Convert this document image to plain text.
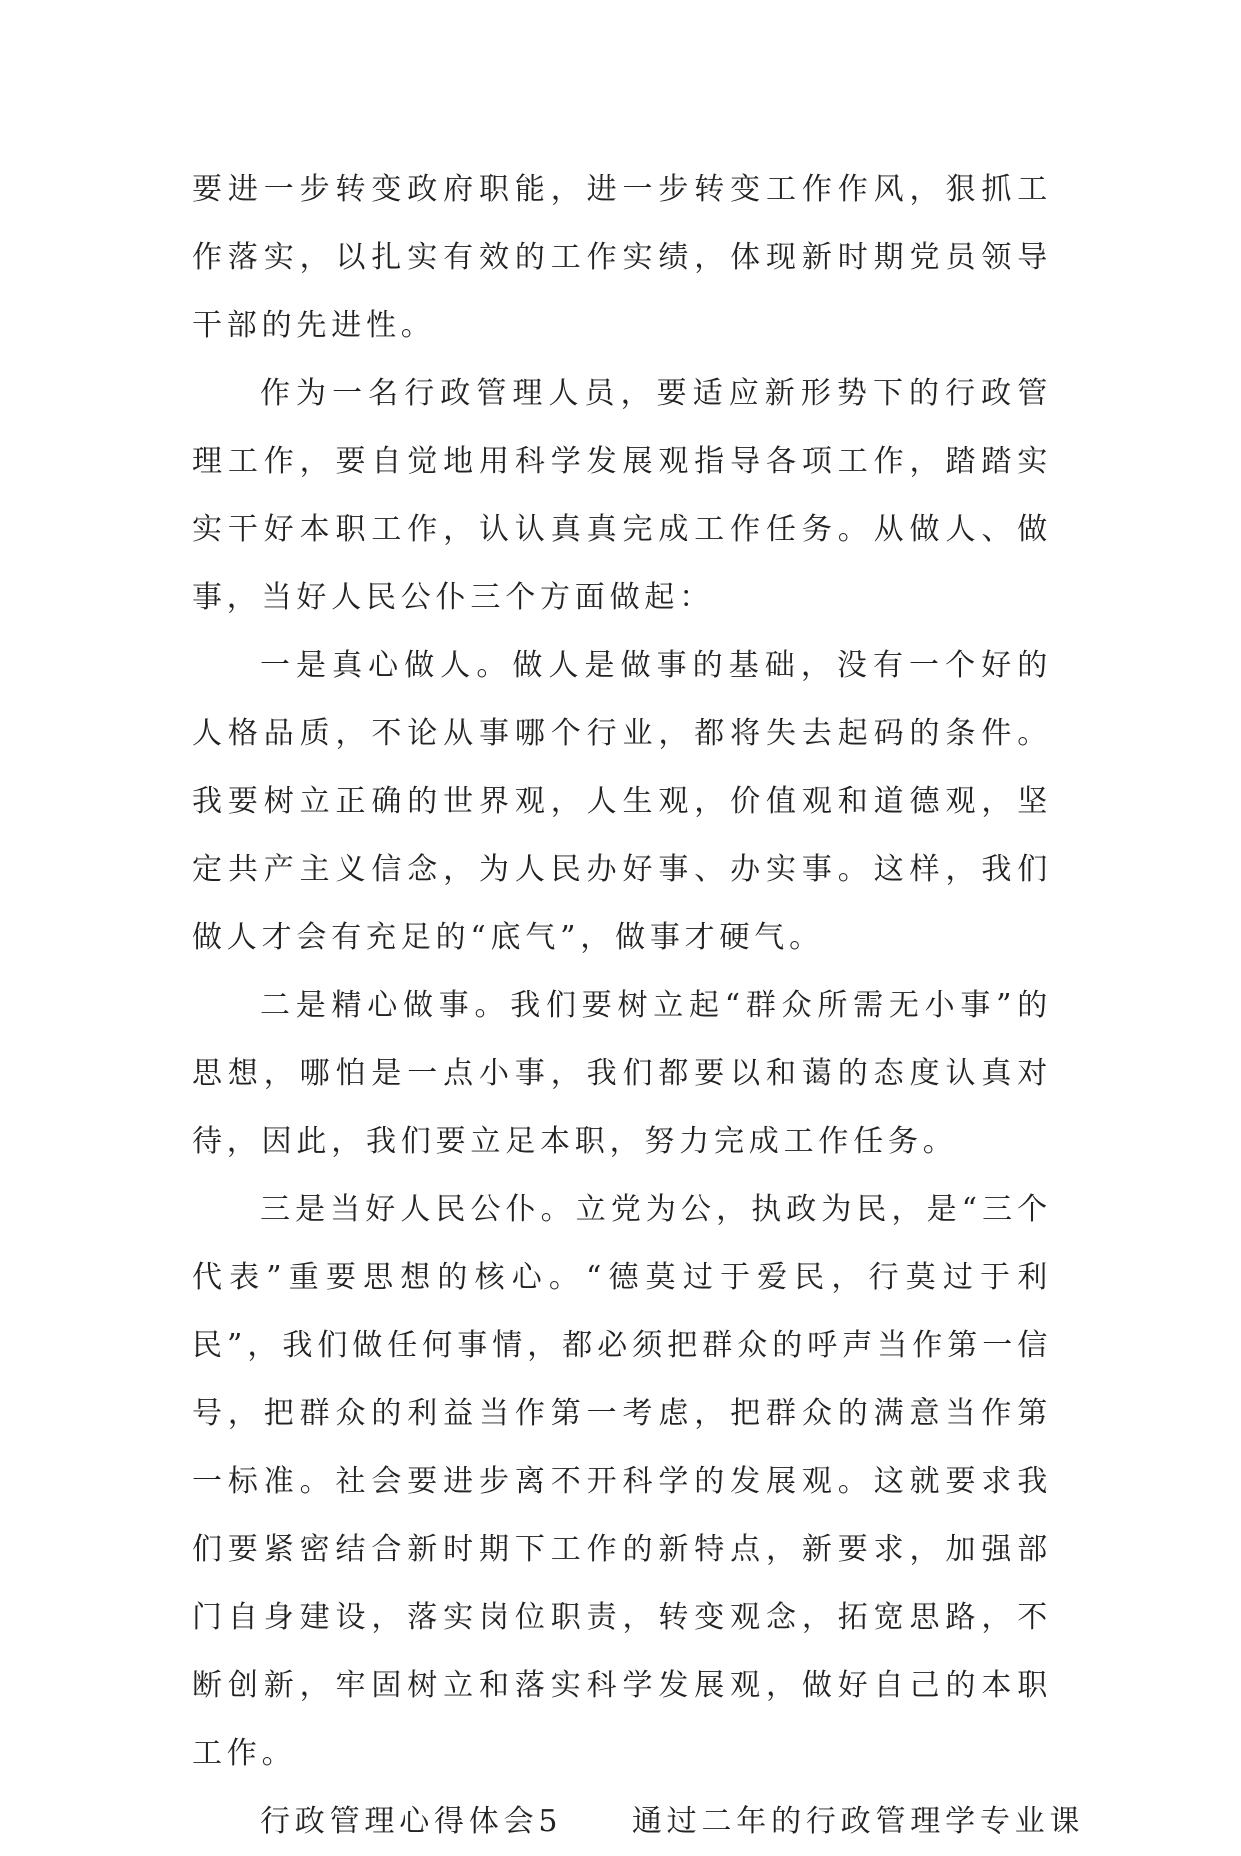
要进一步转变政府职能，进一步转变工作作风，狠抓工作落实，以扎实有效的工作实绩，体现新时期党员领导干部的先进性。

作为一名行政管理人员，要适应新形势下的行政管理工作，要自觉地用科学发展观指导各项工作，踏踏实实干好本职工作，认认真真完成工作任务。从做人、做事，当好人民公仆三个方面做起：

一是真心做人。做人是做事的基础，没有一个好的人格品质，不论从事哪个行业，都将失去起码的条件。我要树立正确的世界观，人生观，价值观和道德观，坚定共产主义信念，为人民办好事、办实事。这样，我们做人才会有充足的“底气”，做事才硬气。

二是精心做事。我们要树立起“群众所需无小事”的思想，哪怕是一点小事，我们都要以和蔼的态度认真对待，因此，我们要立足本职，努力完成工作任务。

三是当好人民公仆。立党为公，执政为民，是“三个代表”重要思想的核心。“德莫过于爱民，行莫过于利民”，我们做任何事情，都必须把群众的呼声当作第一信号，把群众的利益当作第一考虑，把群众的满意当作第一标准。社会要进步离不开科学的发展观。这就要求我们要紧密结合新时期下工作的新特点，新要求，加强部门自身建设，落实岗位职责，转变观念，拓宽思路，不断创新，牢固树立和落实科学发展观，做好自己的本职工作。

行政管理心得体会5　　通过二年的行政管理学专业课
